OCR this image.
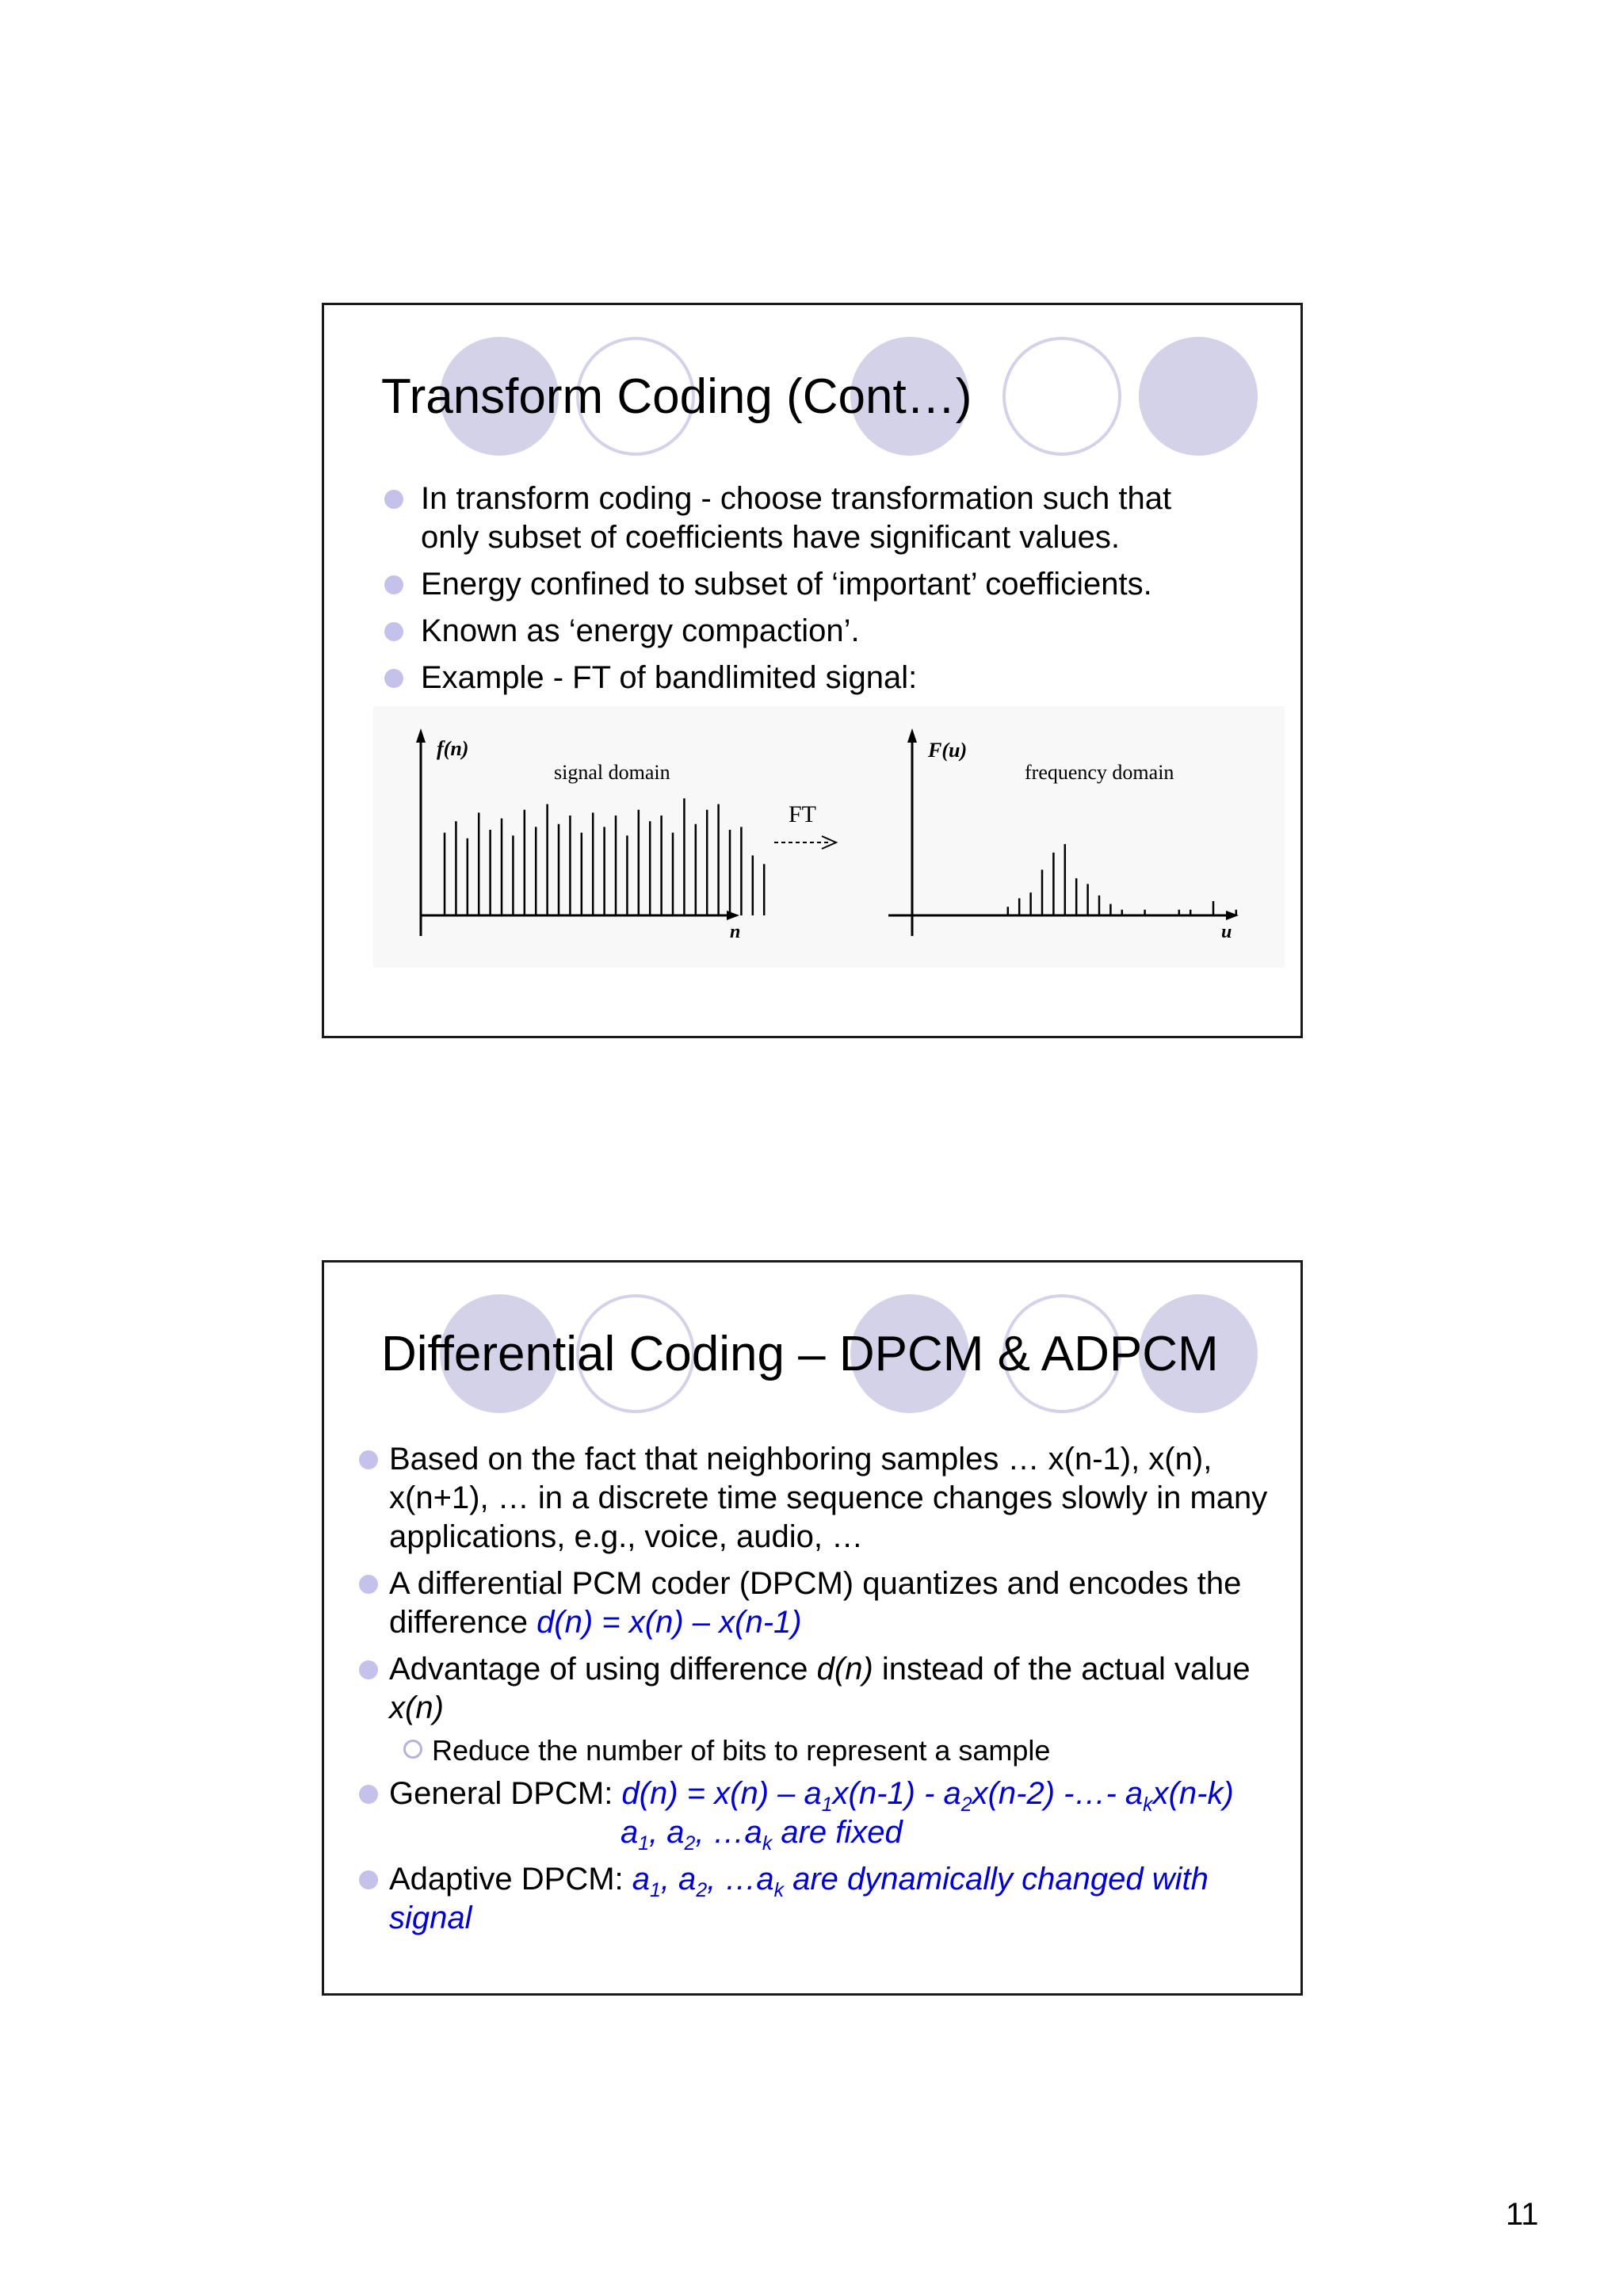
Transform Coding (Cont…)
In transform coding - choose transformation such that only subset of coefficients have significant values.
Energy confined to subset of ‘important’ coefficients.
Known as ‘energy compaction’.
Example - FT of bandlimited signal:
f(n)
n
signal domain
FT
F(u)
u
frequency domain
Differential Coding – DPCM & ADPCM
Based on the fact that neighboring samples … x(n-1), x(n), x(n+1), … in a discrete time sequence changes slowly in many applications, e.g., voice, audio, …
A differential PCM coder (DPCM) quantizes and encodes the difference d(n) = x(n) – x(n-1)
Advantage of using difference d(n) instead of the actual value x(n)
Reduce the number of bits to represent a sample
General DPCM: $d(n) = x(n) - a_1x(n-1) - a_2x(n-2)$ -…- $a_kx(n-k)$
$a_1$, $a_2$, $\dots a_k$ are fixed
Adaptive DPCM: $a_1$, $a_2$, $\dots a_k$ are dynamically changed with signal
11
